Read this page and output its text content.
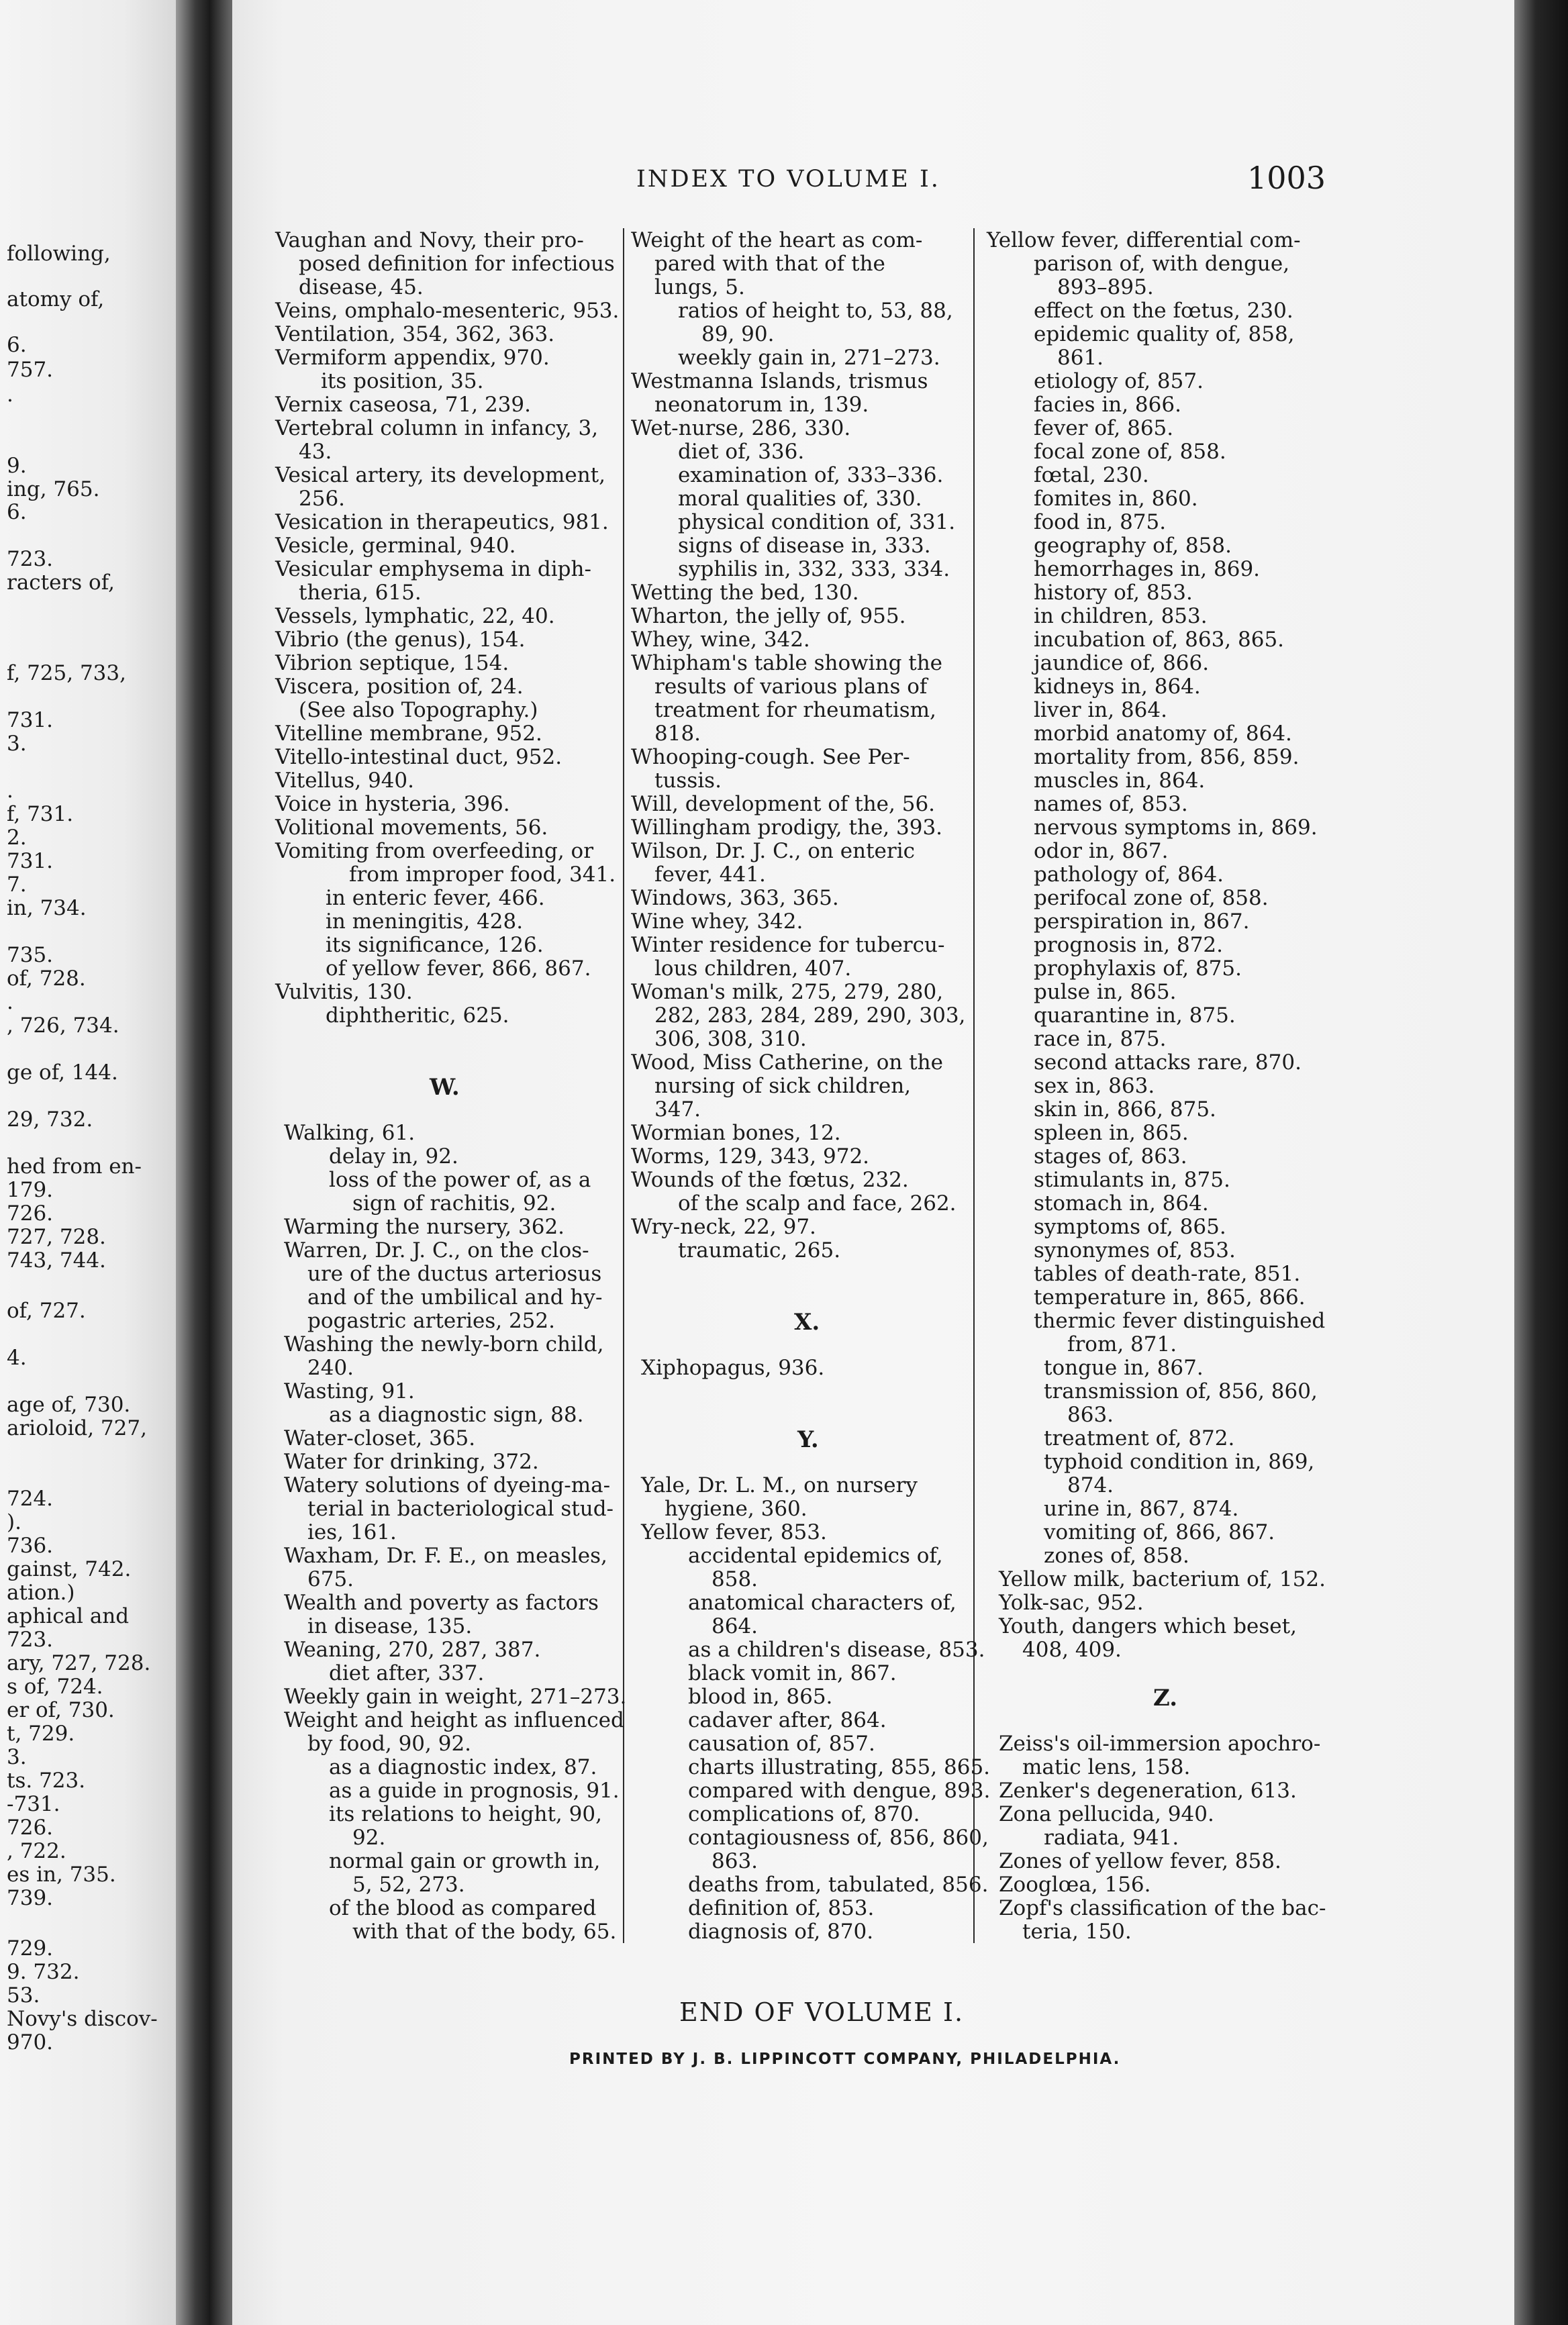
following,
atomy of,
6.
757.
.
9.
ing, 765.
6.
723.
racters of,
f, 725, 733,
731.
3.
.
f, 731.
2.
731.
7.
in, 734.
735.
of, 728.
.
, 726, 734.
ge of, 144.
29, 732.
hed from en-
179.
726.
727, 728.
743, 744.
of, 727.
4.
age of, 730.
arioloid, 727,
724.
).
736.
gainst, 742.
ation.)
aphical and
723.
ary, 727, 728.
s of, 724.
er of, 730.
t, 729.
3.
ts. 723.
-731.
726.
, 722.
es in, 735.
739.
729.
9. 732.
53.
Novy's discov-
970.
INDEX TO VOLUME I.	1003
Vaughan and Novy, their pro-
posed definition for infectious
disease, 45.
Veins, omphalo-mesenteric, 953.
Ventilation, 354, 362, 363.
Vermiform appendix, 970.
its position, 35.
Vernix caseosa, 71, 239.
Vertebral column in infancy, 3,
43.
Vesical artery, its development,
256.
Vesication in therapeutics, 981.
Vesicle, germinal, 940.
Vesicular emphysema in diph-
theria, 615.
Vessels, lymphatic, 22, 40.
Vibrio (the genus), 154.
Vibrion septique, 154.
Viscera, position of, 24.
(See also Topography.)
Vitelline membrane, 952.
Vitello-intestinal duct, 952.
Vitellus, 940.
Voice in hysteria, 396.
Volitional movements, 56.
Vomiting from overfeeding, or
from improper food, 341.
in enteric fever, 466.
in meningitis, 428.
its significance, 126.
of yellow fever, 866, 867.
Vulvitis, 130.
diphtheritic, 625.
Walking, 61.
delay in, 92.
loss of the power of, as a
sign of rachitis, 92.
Warming the nursery, 362.
Warren, Dr. J. C., on the clos-
ure of the ductus arteriosus
and of the umbilical and hy-
pogastric arteries, 252.
Washing the newly-born child,
240.
Wasting, 91.
as a diagnostic sign, 88.
Water-closet, 365.
Water for drinking, 372.
Watery solutions of dyeing-ma-
terial in bacteriological stud-
ies, 161.
Waxham, Dr. F. E., on measles,
675.
Wealth and poverty as factors
in disease, 135.
Weaning, 270, 287, 387.
diet after, 337.
Weekly gain in weight, 271–273.
Weight and height as influenced
by food, 90, 92.
as a diagnostic index, 87.
as a guide in prognosis, 91.
its relations to height, 90,
92.
normal gain or growth in,
5, 52, 273.
of the blood as compared
with that of the body, 65.
Weight of the heart as com-
pared with that of the
lungs, 5.
ratios of height to, 53, 88,
89, 90.
weekly gain in, 271–273.
Westmanna Islands, trismus
neonatorum in, 139.
Wet-nurse, 286, 330.
diet of, 336.
examination of, 333–336.
moral qualities of, 330.
physical condition of, 331.
signs of disease in, 333.
syphilis in, 332, 333, 334.
Wetting the bed, 130.
Wharton, the jelly of, 955.
Whey, wine, 342.
Whipham's table showing the
results of various plans of
treatment for rheumatism,
818.
Whooping-cough. See Per-
tussis.
Will, development of the, 56.
Willingham prodigy, the, 393.
Wilson, Dr. J. C., on enteric
fever, 441.
Windows, 363, 365.
Wine whey, 342.
Winter residence for tubercu-
lous children, 407.
Woman's milk, 275, 279, 280,
282, 283, 284, 289, 290, 303,
306, 308, 310.
Wood, Miss Catherine, on the
nursing of sick children,
347.
Wormian bones, 12.
Worms, 129, 343, 972.
Wounds of the fœtus, 232.
of the scalp and face, 262.
Wry-neck, 22, 97.
traumatic, 265.
Xiphopagus, 936.
Yale, Dr. L. M., on nursery
hygiene, 360.
Yellow fever, 853.
accidental epidemics of,
858.
anatomical characters of,
864.
as a children's disease, 853.
black vomit in, 867.
blood in, 865.
cadaver after, 864.
causation of, 857.
charts illustrating, 855, 865.
compared with dengue, 893.
complications of, 870.
contagiousness of, 856, 860,
863.
deaths from, tabulated, 856.
definition of, 853.
diagnosis of, 870.
Yellow fever, differential com-
parison of, with dengue,
893–895.
effect on the fœtus, 230.
epidemic quality of, 858,
861.
etiology of, 857.
facies in, 866.
fever of, 865.
focal zone of, 858.
fœtal, 230.
fomites in, 860.
food in, 875.
geography of, 858.
hemorrhages in, 869.
history of, 853.
in children, 853.
incubation of, 863, 865.
jaundice of, 866.
kidneys in, 864.
liver in, 864.
morbid anatomy of, 864.
mortality from, 856, 859.
muscles in, 864.
names of, 853.
nervous symptoms in, 869.
odor in, 867.
pathology of, 864.
perifocal zone of, 858.
perspiration in, 867.
prognosis in, 872.
prophylaxis of, 875.
pulse in, 865.
quarantine in, 875.
race in, 875.
second attacks rare, 870.
sex in, 863.
skin in, 866, 875.
spleen in, 865.
stages of, 863.
stimulants in, 875.
stomach in, 864.
symptoms of, 865.
synonymes of, 853.
tables of death-rate, 851.
temperature in, 865, 866.
thermic fever distinguished
from, 871.
tongue in, 867.
transmission of, 856, 860,
863.
treatment of, 872.
typhoid condition in, 869,
874.
urine in, 867, 874.
vomiting of, 866, 867.
zones of, 858.
Yellow milk, bacterium of, 152.
Yolk-sac, 952.
Youth, dangers which beset,
408, 409.
Zeiss's oil-immersion apochro-
matic lens, 158.
Zenker's degeneration, 613.
Zona pellucida, 940.
radiata, 941.
Zones of yellow fever, 858.
Zooglœa, 156.
Zopf's classification of the bac-
teria, 150.
W.
X.
Y.
Z.
END OF VOLUME I.
PRINTED BY J. B. LIPPINCOTT COMPANY, PHILADELPHIA.
